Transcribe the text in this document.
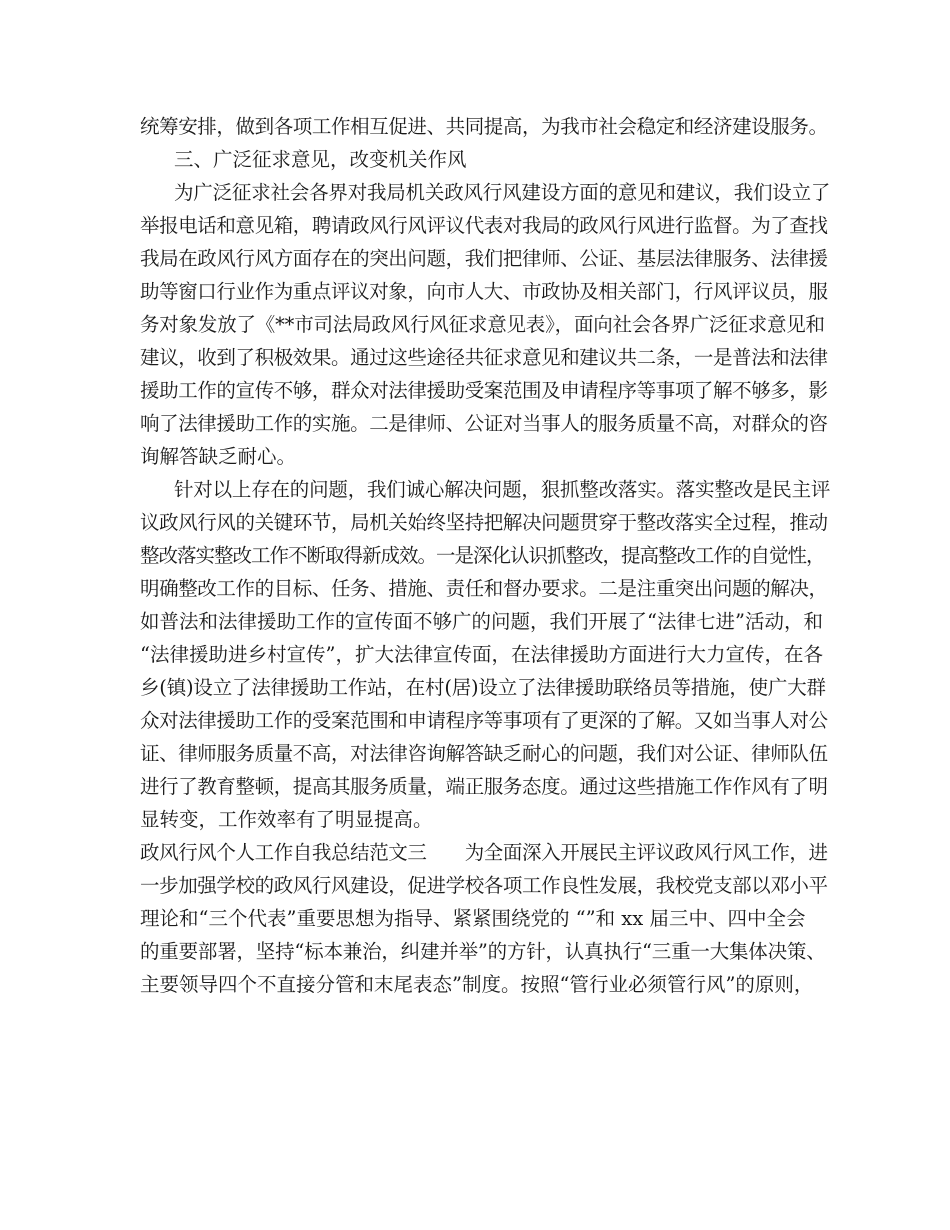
统筹安排，做到各项工作相互促进、共同提高，为我市社会稳定和经济建设服务。
三、广泛征求意见，改变机关作风
为广泛征求社会各界对我局机关政风行风建设方面的意见和建议，我们设立了
举报电话和意见箱，聘请政风行风评议代表对我局的政风行风进行监督。为了查找
我局在政风行风方面存在的突出问题，我们把律师、公证、基层法律服务、法律援
助等窗口行业作为重点评议对象，向市人大、市政协及相关部门，行风评议员，服
务对象发放了《**市司法局政风行风征求意见表》，面向社会各界广泛征求意见和
建议，收到了积极效果。通过这些途径共征求意见和建议共二条，一是普法和法律
援助工作的宣传不够，群众对法律援助受案范围及申请程序等事项了解不够多，影
响了法律援助工作的实施。二是律师、公证对当事人的服务质量不高，对群众的咨
询解答缺乏耐心。
针对以上存在的问题，我们诚心解决问题，狠抓整改落实。落实整改是民主评
议政风行风的关键环节，局机关始终坚持把解决问题贯穿于整改落实全过程，推动
整改落实整改工作不断取得新成效。一是深化认识抓整改，提高整改工作的自觉性，
明确整改工作的目标、任务、措施、责任和督办要求。二是注重突出问题的解决，
如普法和法律援助工作的宣传面不够广的问题，我们开展了“法律七进”活动，和
“法律援助进乡村宣传”，扩大法律宣传面，在法律援助方面进行大力宣传，在各
乡(镇)设立了法律援助工作站，在村(居)设立了法律援助联络员等措施，使广大群
众对法律援助工作的受案范围和申请程序等事项有了更深的了解。又如当事人对公
证、律师服务质量不高，对法律咨询解答缺乏耐心的问题，我们对公证、律师队伍
进行了教育整顿，提高其服务质量，端正服务态度。通过这些措施工作作风有了明
显转变，工作效率有了明显提高。
政风行风个人工作自我总结范文三　　为全面深入开展民主评议政风行风工作，进
一步加强学校的政风行风建设，促进学校各项工作良性发展，我校党支部以邓小平
理论和“三个代表”重要思想为指导、紧紧围绕党的 “”和 xx 届三中、四中全会
的重要部署，坚持“标本兼治，纠建并举”的方针，认真执行“三重一大集体决策、
主要领导四个不直接分管和末尾表态”制度。按照“管行业必须管行风”的原则，
